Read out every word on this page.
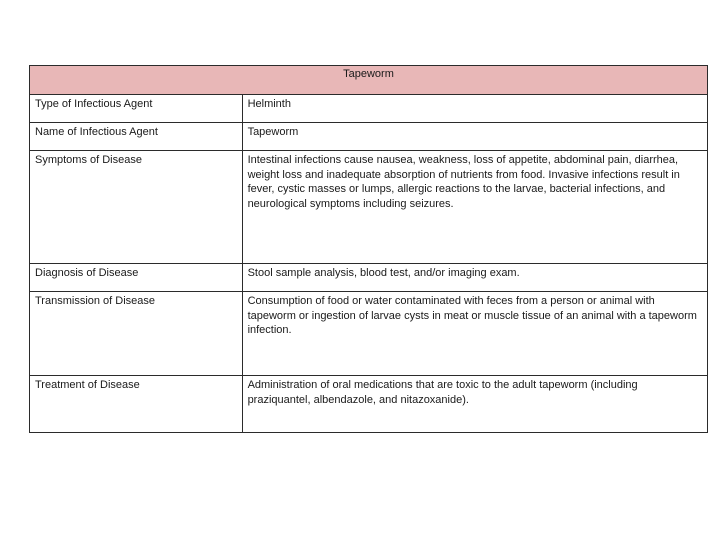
Tapeworm	

Type of Infectious Agent	Helminth

Name of Infectious Agent	Tapeworm

Symptoms of Disease	Intestinal infections cause nausea, weakness, loss of appetite, abdominal pain, diarrhea, weight loss and inadequate absorption of nutrients from food. Invasive infections result in fever, cystic masses or lumps, allergic reactions to the larvae, bacterial infections, and neurological symptoms including seizures.

Diagnosis of Disease	Stool sample analysis, blood test, and/or imaging exam.

Transmission of Disease	Consumption of food or water contaminated with feces from a person or animal with tapeworm or ingestion of larvae cysts in meat or muscle tissue of an animal with a tapeworm infection.

Treatment of Disease	Administration of oral medications that are toxic to the adult tapeworm (including praziquantel, albendazole, and nitazoxanide).
